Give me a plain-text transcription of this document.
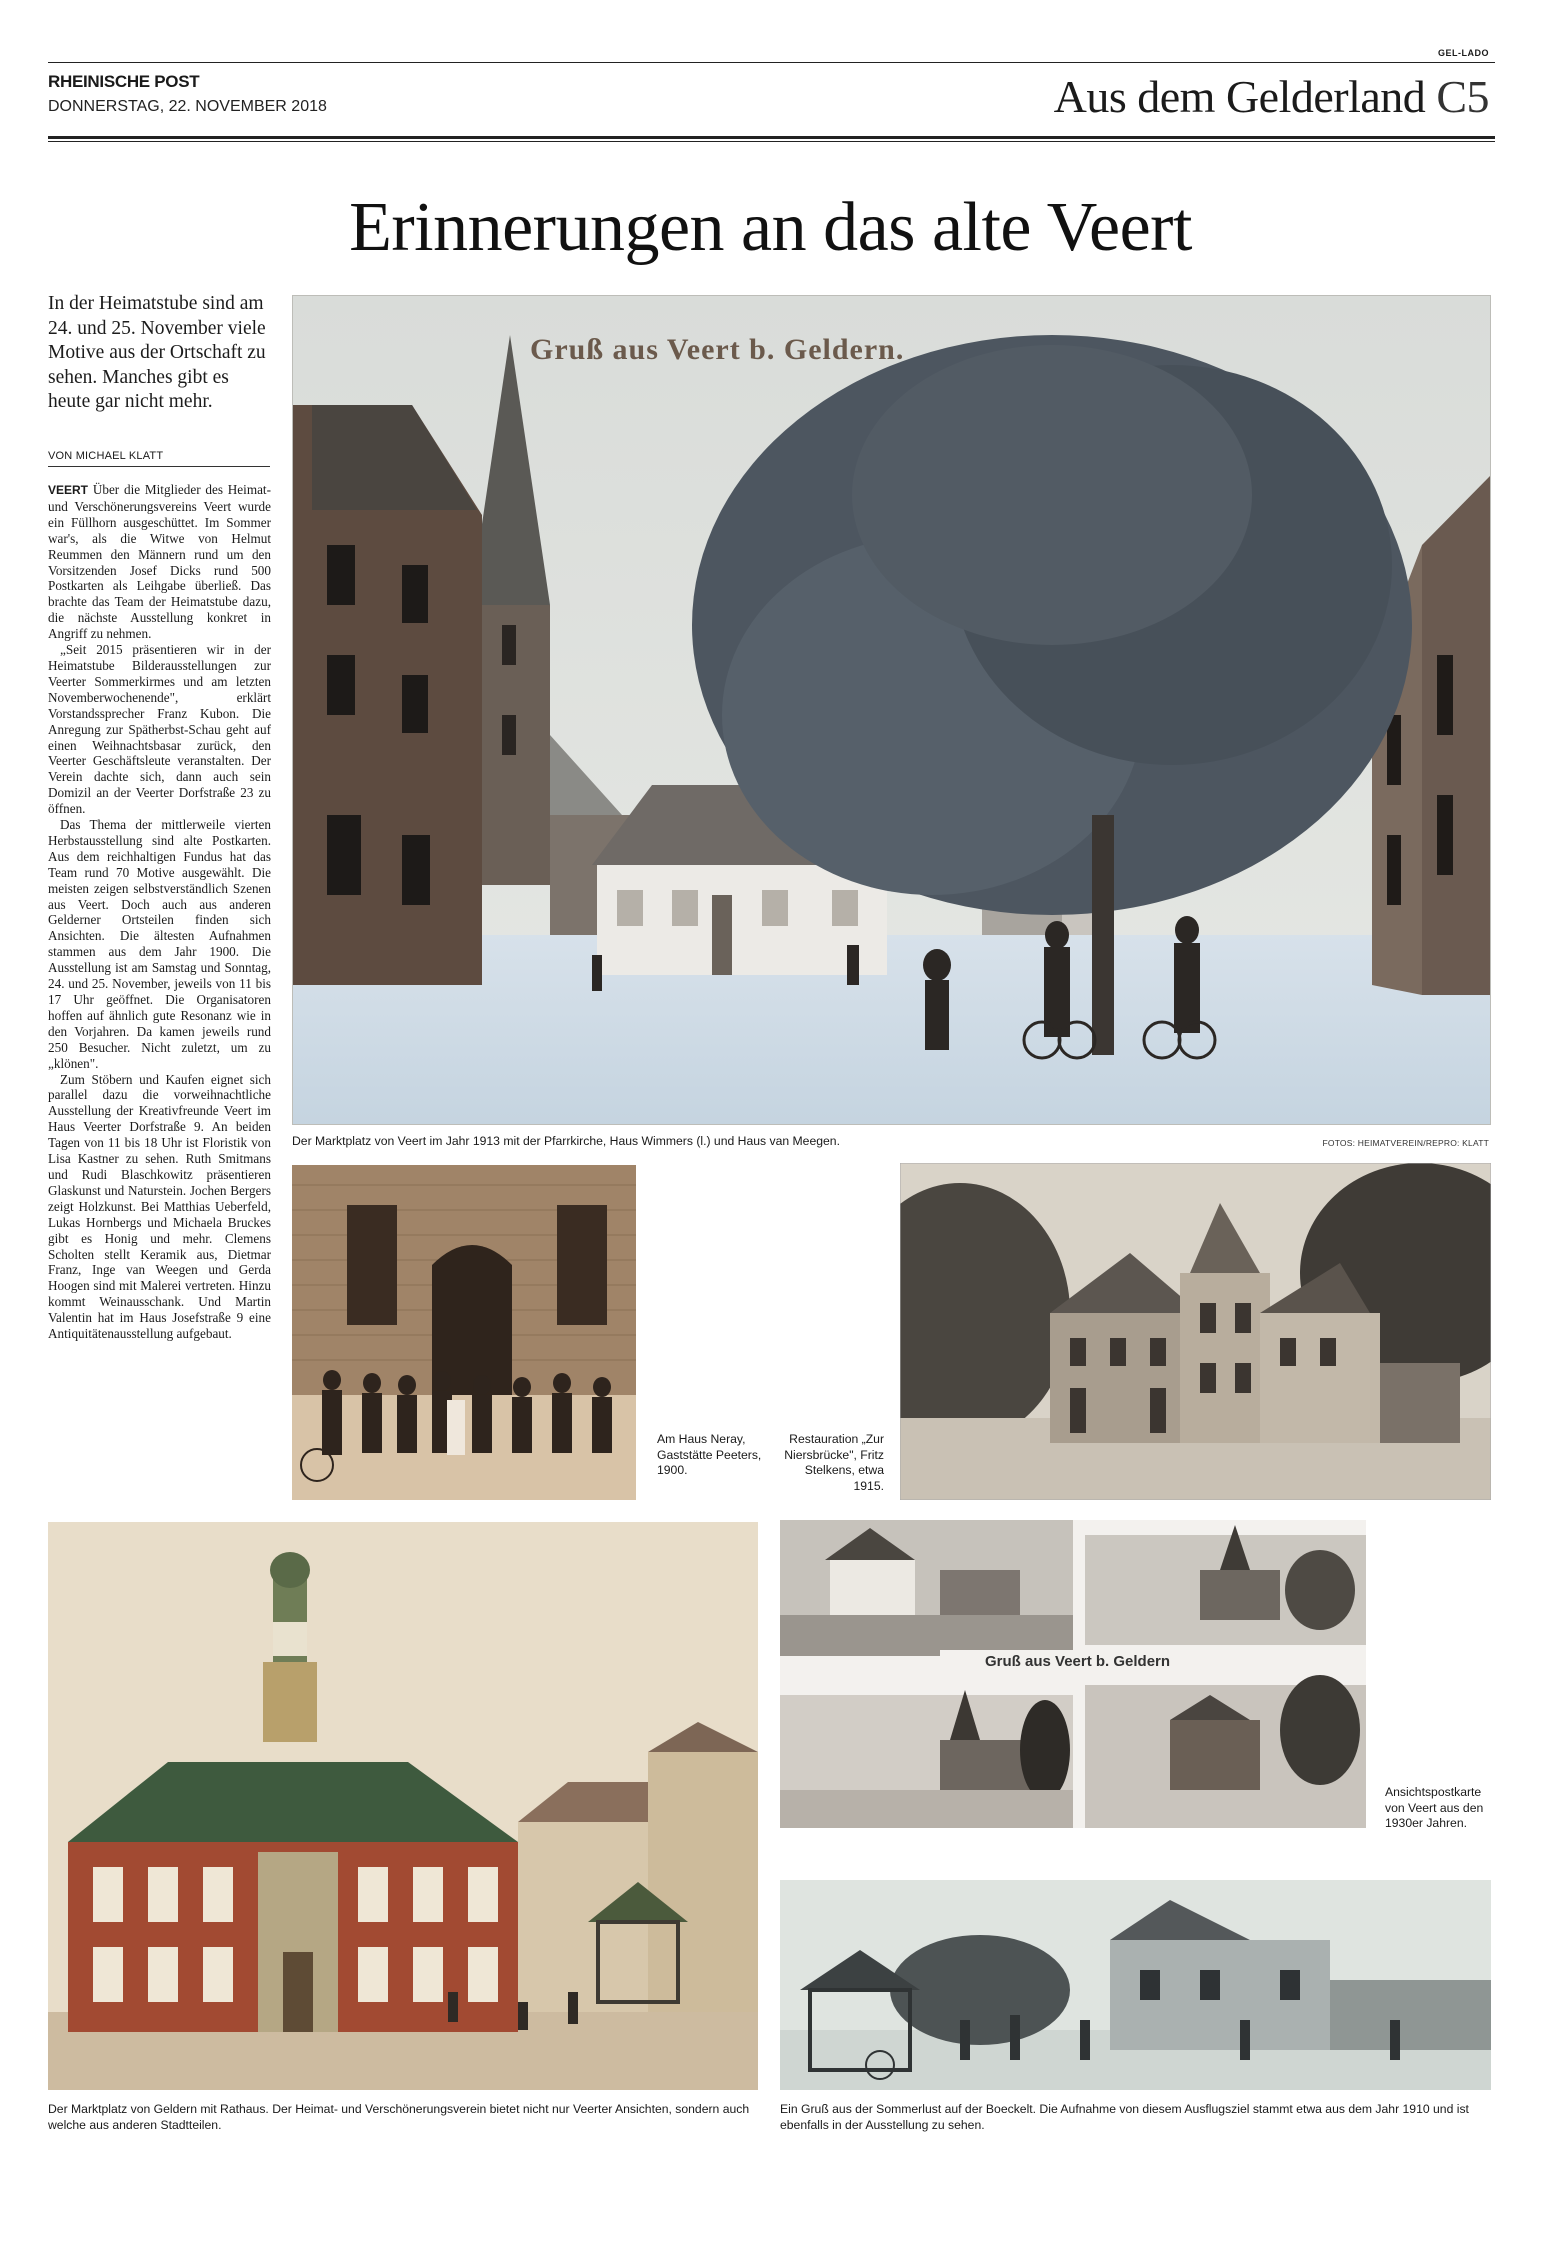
GEL-LADO
RHEINISCHE POST
DONNERSTAG, 22. NOVEMBER 2018	Aus dem Gelderland C5
Erinnerungen an das alte Veert
In der Heimatstube sind am 24. und 25. November viele Motive aus der Ortschaft zu sehen. Manches gibt es heute gar nicht mehr.
VON MICHAEL KLATT

VEERT Über die Mitglieder des Heimat- und Verschönerungsvereins Veert wurde ein Füllhorn ausgeschüttet. Im Sommer war's, als die Witwe von Helmut Reummen den Männern rund um den Vorsitzenden Josef Dicks rund 500 Postkarten als Leihgabe überließ. Das brachte das Team der Heimatstube dazu, die nächste Ausstellung konkret in Angriff zu nehmen.

„Seit 2015 präsentieren wir in der Heimatstube Bilderausstellungen zur Veerter Sommerkirmes und am letzten Novemberwochenende", erklärt Vorstandssprecher Franz Kubon. Die Anregung zur Spätherbst-Schau geht auf einen Weihnachtsbasar zurück, den Veerter Geschäftsleute veranstalten. Der Verein dachte sich, dann auch sein Domizil an der Veerter Dorfstraße 23 zu öffnen.

Das Thema der mittlerweile vierten Herbstausstellung sind alte Postkarten. Aus dem reichhaltigen Fundus hat das Team rund 70 Motive ausgewählt. Die meisten zeigen selbstverständlich Szenen aus Veert. Doch auch aus anderen Gelderner Ortsteilen finden sich Ansichten. Die ältesten Aufnahmen stammen aus dem Jahr 1900. Die Ausstellung ist am Samstag und Sonntag, 24. und 25. November, jeweils von 11 bis 17 Uhr geöffnet. Die Organisatoren hoffen auf ähnlich gute Resonanz wie in den Vorjahren. Da kamen jeweils rund 250 Besucher. Nicht zuletzt, um zu „klönen".

Zum Stöbern und Kaufen eignet sich parallel dazu die vorweihnachtliche Ausstellung der Kreativfreunde Veert im Haus Veerter Dorfstraße 9. An beiden Tagen von 11 bis 18 Uhr ist Floristik von Lisa Kastner zu sehen. Ruth Smitmans und Rudi Blaschkowitz präsentieren Glaskunst und Naturstein. Jochen Bergers zeigt Holzkunst. Bei Matthias Ueberfeld, Lukas Hornbergs und Michaela Bruckes gibt es Honig und mehr. Clemens Scholten stellt Keramik aus, Dietmar Franz, Inge van Weegen und Gerda Hoogen sind mit Malerei vertreten. Hinzu kommt Weinausschank. Und Martin Valentin hat im Haus Josefstraße 9 eine Antiquitätenausstellung aufgebaut.

Gruß aus Veert b. Geldern.
Der Marktplatz von Veert im Jahr 1913 mit der Pfarrkirche, Haus Wimmers (l.) und Haus van Meegen.	FOTOS: HEIMATVEREIN/REPRO: KLATT
Am Haus Neray, Gaststätte Peeters, 1900.
Restauration „Zur Niersbrücke", Fritz Stelkens, etwa 1915.
Der Marktplatz von Geldern mit Rathaus. Der Heimat- und Verschönerungsverein bietet nicht nur Veerter Ansichten, sondern auch welche aus anderen Stadtteilen.
Gruß aus Veert b. Geldern
Ansichtspostkarte von Veert aus den 1930er Jahren.
Ein Gruß aus der Sommerlust auf der Boeckelt. Die Aufnahme von diesem Ausflugsziel stammt etwa aus dem Jahr 1910 und ist ebenfalls in der Ausstellung zu sehen.
